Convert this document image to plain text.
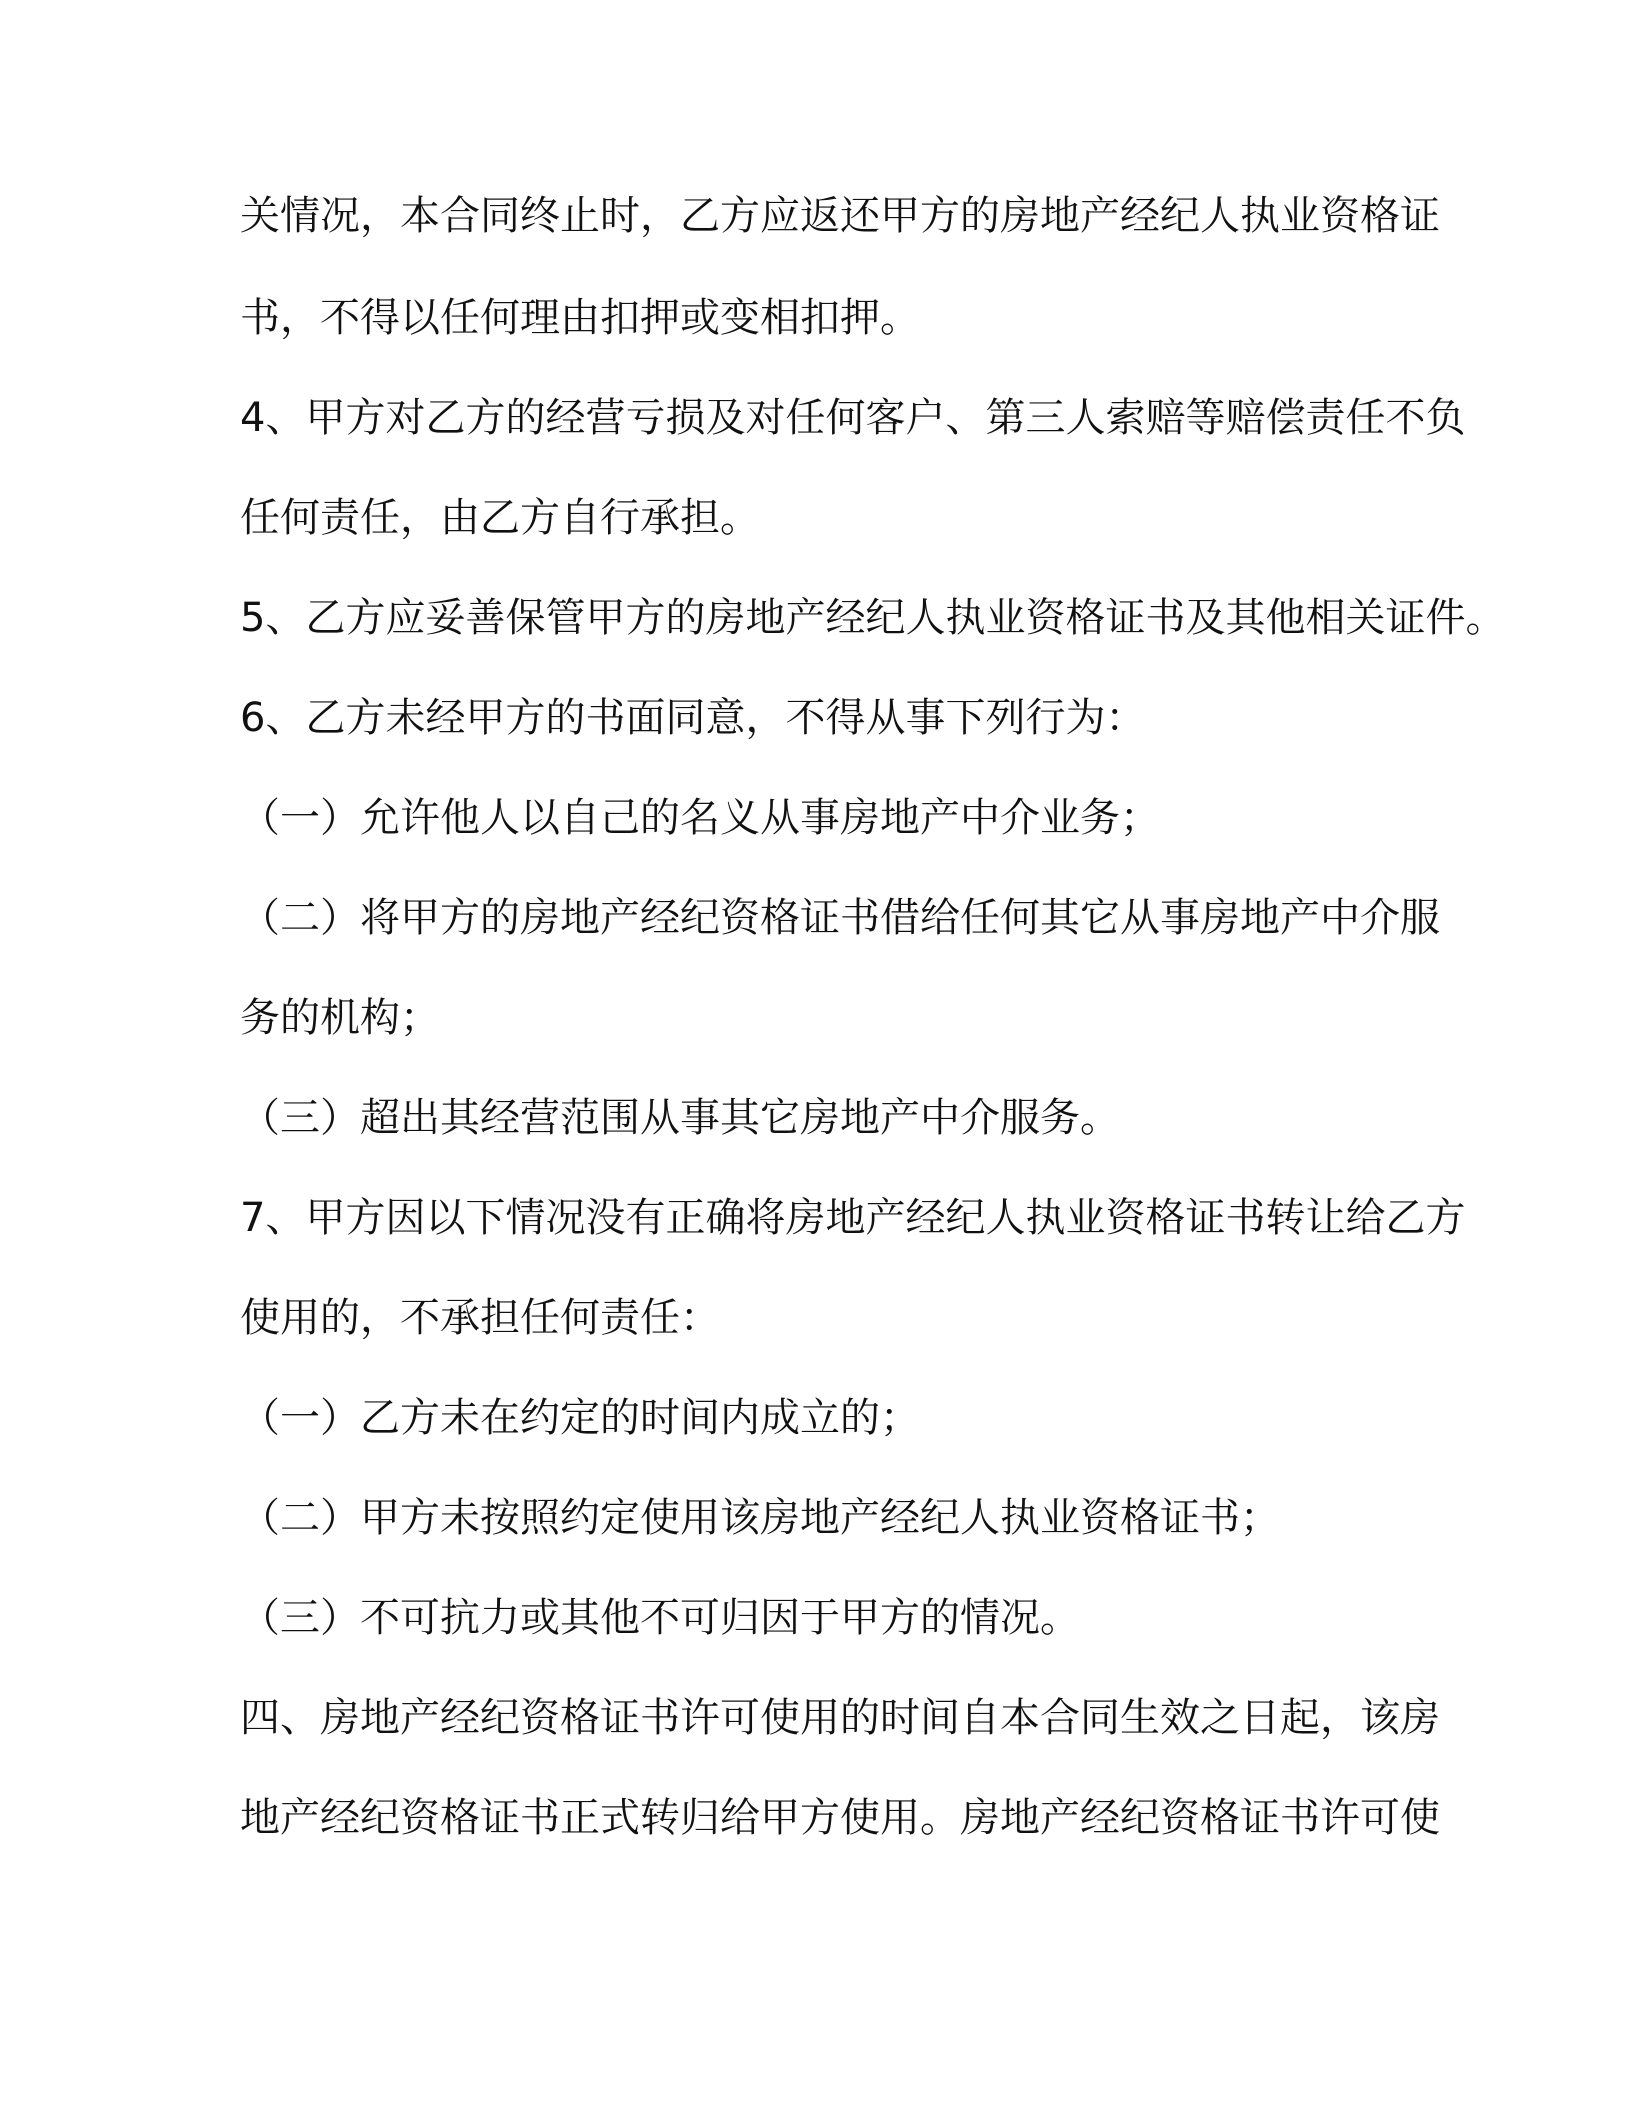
关情况，本合同终止时，乙方应返还甲方的房地产经纪人执业资格证
书，不得以任何理由扣押或变相扣押。
4、甲方对乙方的经营亏损及对任何客户、第三人索赔等赔偿责任不负
任何责任，由乙方自行承担。
5、乙方应妥善保管甲方的房地产经纪人执业资格证书及其他相关证件。
6、乙方未经甲方的书面同意，不得从事下列行为：
（一）允许他人以自己的名义从事房地产中介业务；
（二）将甲方的房地产经纪资格证书借给任何其它从事房地产中介服
务的机构；
（三）超出其经营范围从事其它房地产中介服务。
7、甲方因以下情况没有正确将房地产经纪人执业资格证书转让给乙方
使用的，不承担任何责任：
（一）乙方未在约定的时间内成立的；
（二）甲方未按照约定使用该房地产经纪人执业资格证书；
（三）不可抗力或其他不可归因于甲方的情况。
四、房地产经纪资格证书许可使用的时间自本合同生效之日起，该房
地产经纪资格证书正式转归给甲方使用。房地产经纪资格证书许可使
